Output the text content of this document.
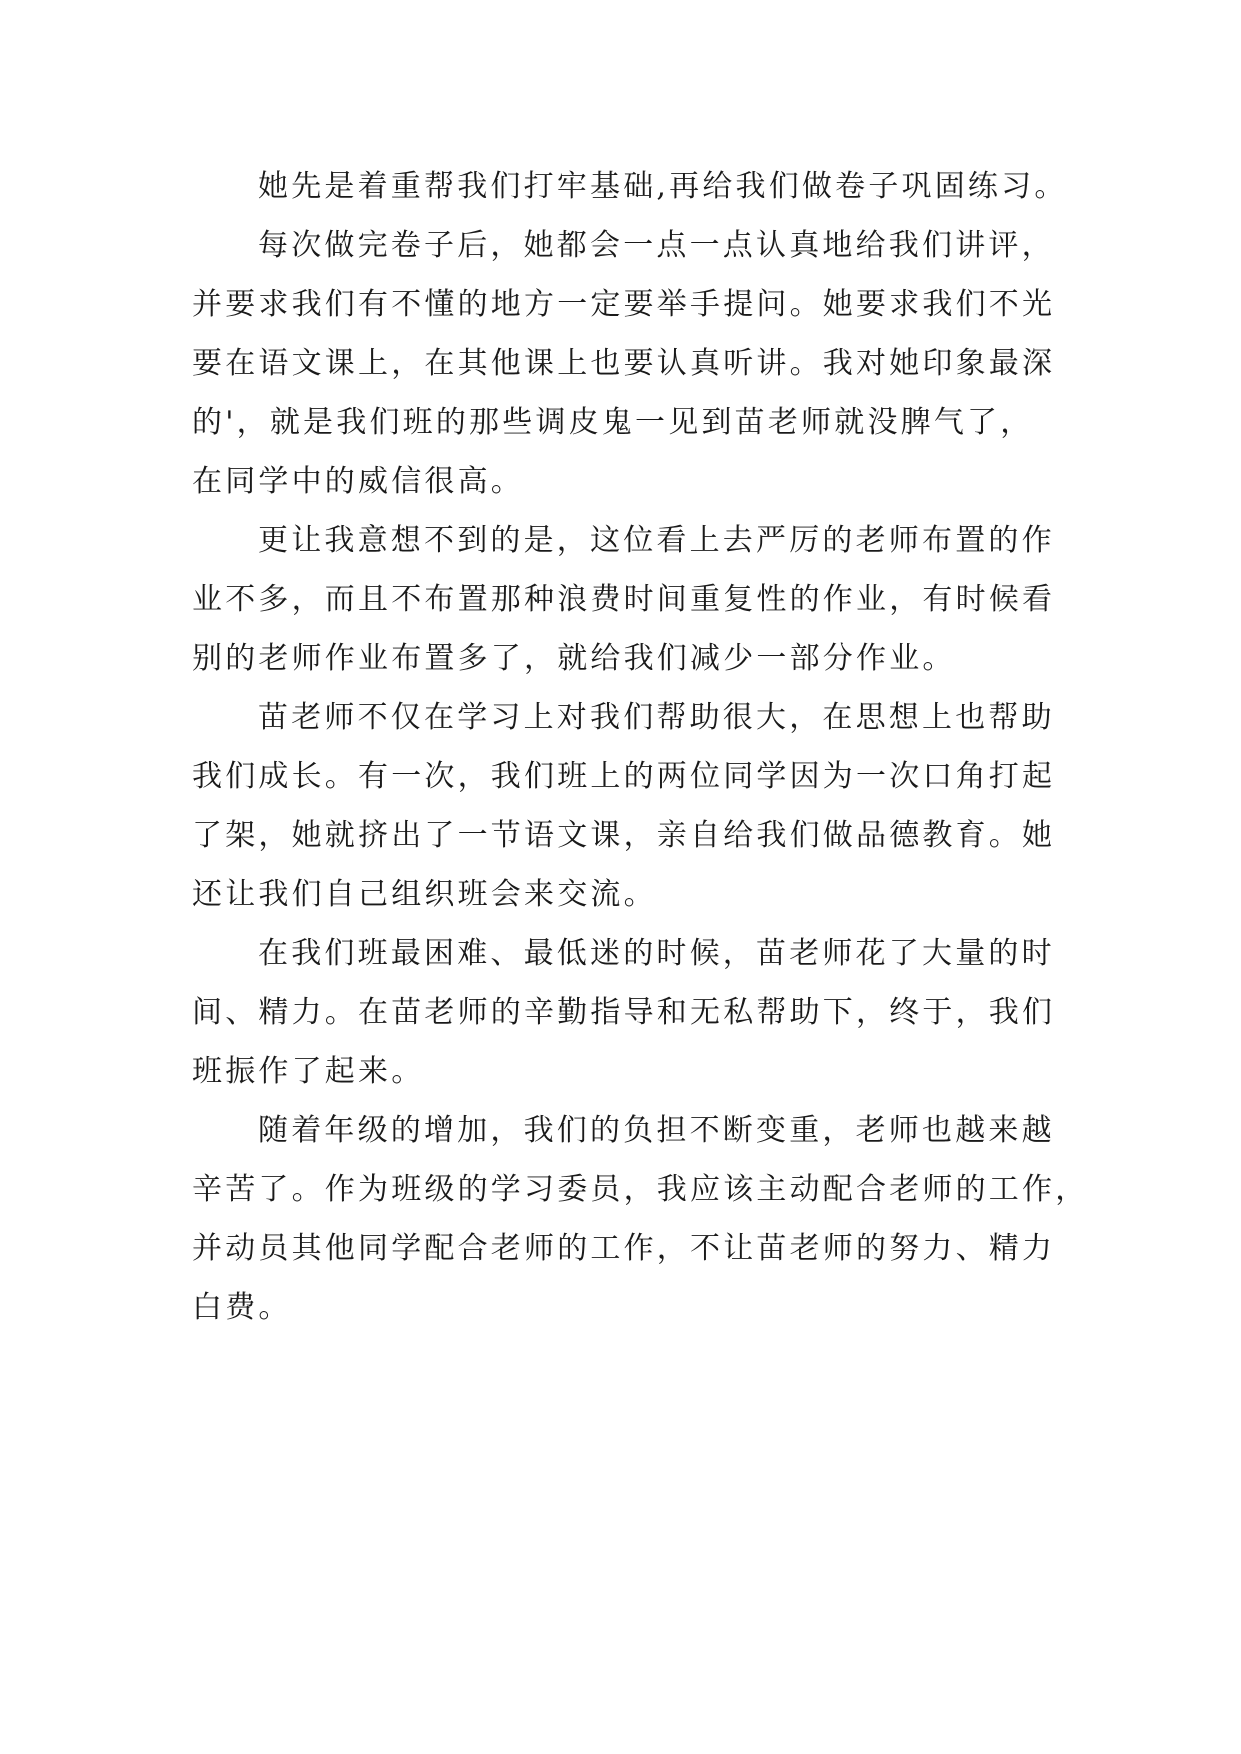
她先是着重帮我们打牢基础,再给我们做卷子巩固练习。
每次做完卷子后，她都会一点一点认真地给我们讲评，
并要求我们有不懂的地方一定要举手提问。她要求我们不光
要在语文课上，在其他课上也要认真听讲。我对她印象最深
的'，就是我们班的那些调皮鬼一见到苗老师就没脾气了，
在同学中的威信很高。
更让我意想不到的是，这位看上去严厉的老师布置的作
业不多，而且不布置那种浪费时间重复性的作业，有时候看
别的老师作业布置多了，就给我们减少一部分作业。
苗老师不仅在学习上对我们帮助很大，在思想上也帮助
我们成长。有一次，我们班上的两位同学因为一次口角打起
了架，她就挤出了一节语文课，亲自给我们做品德教育。她
还让我们自己组织班会来交流。
在我们班最困难、最低迷的时候，苗老师花了大量的时
间、精力。在苗老师的辛勤指导和无私帮助下，终于，我们
班振作了起来。
随着年级的增加，我们的负担不断变重，老师也越来越
辛苦了。作为班级的学习委员，我应该主动配合老师的工作，
并动员其他同学配合老师的工作，不让苗老师的努力、精力
白费。
